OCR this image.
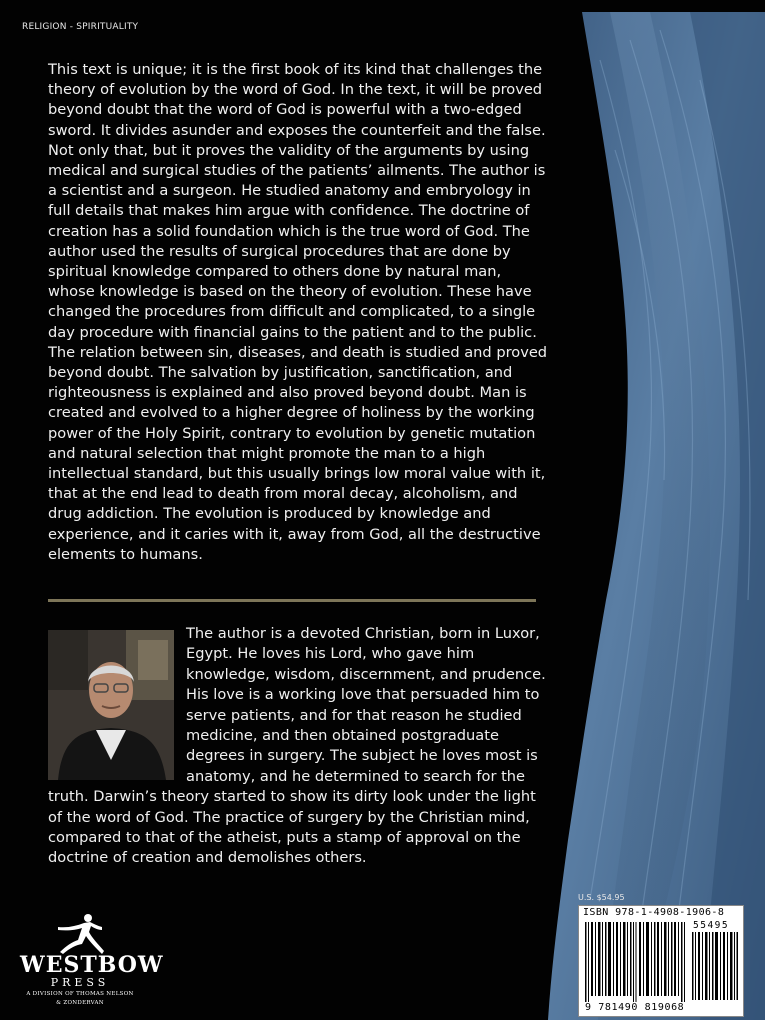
RELIGION - SPIRITUALITY
This text is unique; it is the first book of its kind that challenges the theory of evolution by the word of God. In the text, it will be proved beyond doubt that the word of God is powerful with a two-edged sword. It divides asunder and exposes the counterfeit and the false. Not only that, but it proves the validity of the arguments by using medical and surgical studies of the patients’ ailments. The author is a scientist and a surgeon. He studied anatomy and embryology in full details that makes him argue with confidence. The doctrine of creation has a solid foundation which is the true word of God. The author used the results of surgical procedures that are done by spiritual knowledge compared to others done by natural man, whose knowledge is based on the theory of evolution. These have changed the procedures from difficult and complicated, to a single day procedure with financial gains to the patient and to the public. The relation between sin, diseases, and death is studied and proved beyond doubt. The salvation by justification, sanctification, and righteousness is explained and also proved beyond doubt. Man is created and evolved to a higher degree of holiness by the working power of the Holy Spirit, contrary to evolution by genetic mutation and natural selection that might promote the man to a high intellectual standard, but this usually brings low moral value with it, that at the end lead to death from moral decay, alcoholism, and drug addiction. The evolution is produced by knowledge and experience, and it caries with it, away from God, all the destructive elements to humans.
The author is a devoted Christian, born in Luxor, Egypt. He loves his Lord, who gave him knowledge, wisdom, discernment, and prudence. His love is a working love that persuaded him to serve patients, and for that reason he studied medicine, and then obtained postgraduate degrees in surgery. The subject he loves most is anatomy, and he determined to search for the truth. Darwin’s theory started to show its dirty look under the light of the word of God. The practice of surgery by the Christian mind, compared to that of the atheist, puts a stamp of approval on the doctrine of creation and demolishes others.
U.S. $54.95
ISBN 978-1-4908-1906-8
55495
9 781490 819068
WESTBOW
PRESS
A DIVISION OF THOMAS NELSON
& ZONDERVAN
